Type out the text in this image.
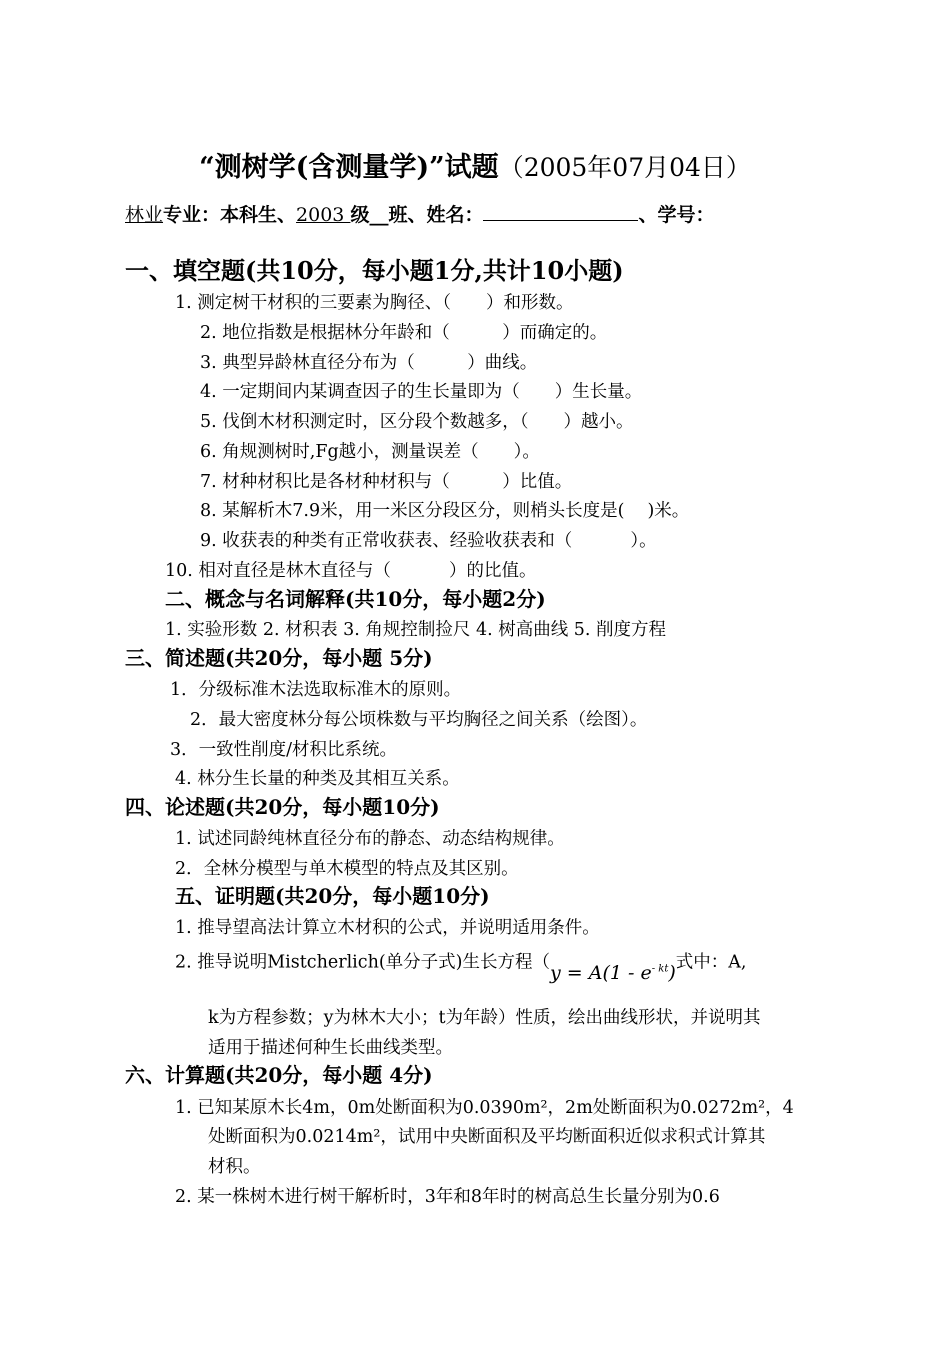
“测树学(含测量学)”试题（2005年07月04日）
林业专业：本科生、2003 级__班、姓名：	、学号：
一、填空题(共10分，每小题1分,共计10小题)
1. 测定树干材积的三要素为胸径、（　　）和形数。
2. 地位指数是根据林分年龄和（　　　）而确定的。
3. 典型异龄林直径分布为（　　　）曲线。
4. 一定期间内某调查因子的生长量即为（　　）生长量。
5. 伐倒木材积测定时，区分段个数越多，（　　）越小。
6. 角规测树时,Fg越小，测量误差（　　）。
7. 材种材积比是各材种材积与（　　　）比值。
8. 某解析木7.9米，用一米区分段区分，则梢头长度是(　 )米。
9. 收获表的种类有正常收获表、经验收获表和（　　　 ）。
10. 相对直径是林木直径与（　　　 ）的比值。
二、概念与名词解释(共10分，每小题2分)
1. 实验形数 2. 材积表 3. 角规控制捡尺 4. 树高曲线 5. 削度方程
三、简述题(共20分，每小题 5分)
1．分级标准木法选取标准木的原则。
2．最大密度林分每公顷株数与平均胸径之间关系（绘图）。
3．一致性削度/材积比系统。
4. 林分生长量的种类及其相互关系。
四、论述题(共20分，每小题10分)
1. 试述同龄纯林直径分布的静态、动态结构规律。
2．全林分模型与单木模型的特点及其区别。
五、证明题(共20分，每小题10分)
1. 推导望高法计算立木材积的公式，并说明适用条件。
2. 推导说明Mistcherlich(单分子式)生长方程（$y = A(1 - e^{- kt})$式中：A,
k为方程参数；y为林木大小；t为年龄）性质，绘出曲线形状，并说明其
适用于描述何种生长曲线类型。
六、计算题(共20分，每小题 4分)
1. 已知某原木长4m，0m处断面积为0.0390m²，2m处断面积为0.0272m²，4
处断面积为0.0214m²，试用中央断面积及平均断面积近似求积式计算其
材积。
2. 某一株树木进行树干解析时，3年和8年时的树高总生长量分别为0.6
